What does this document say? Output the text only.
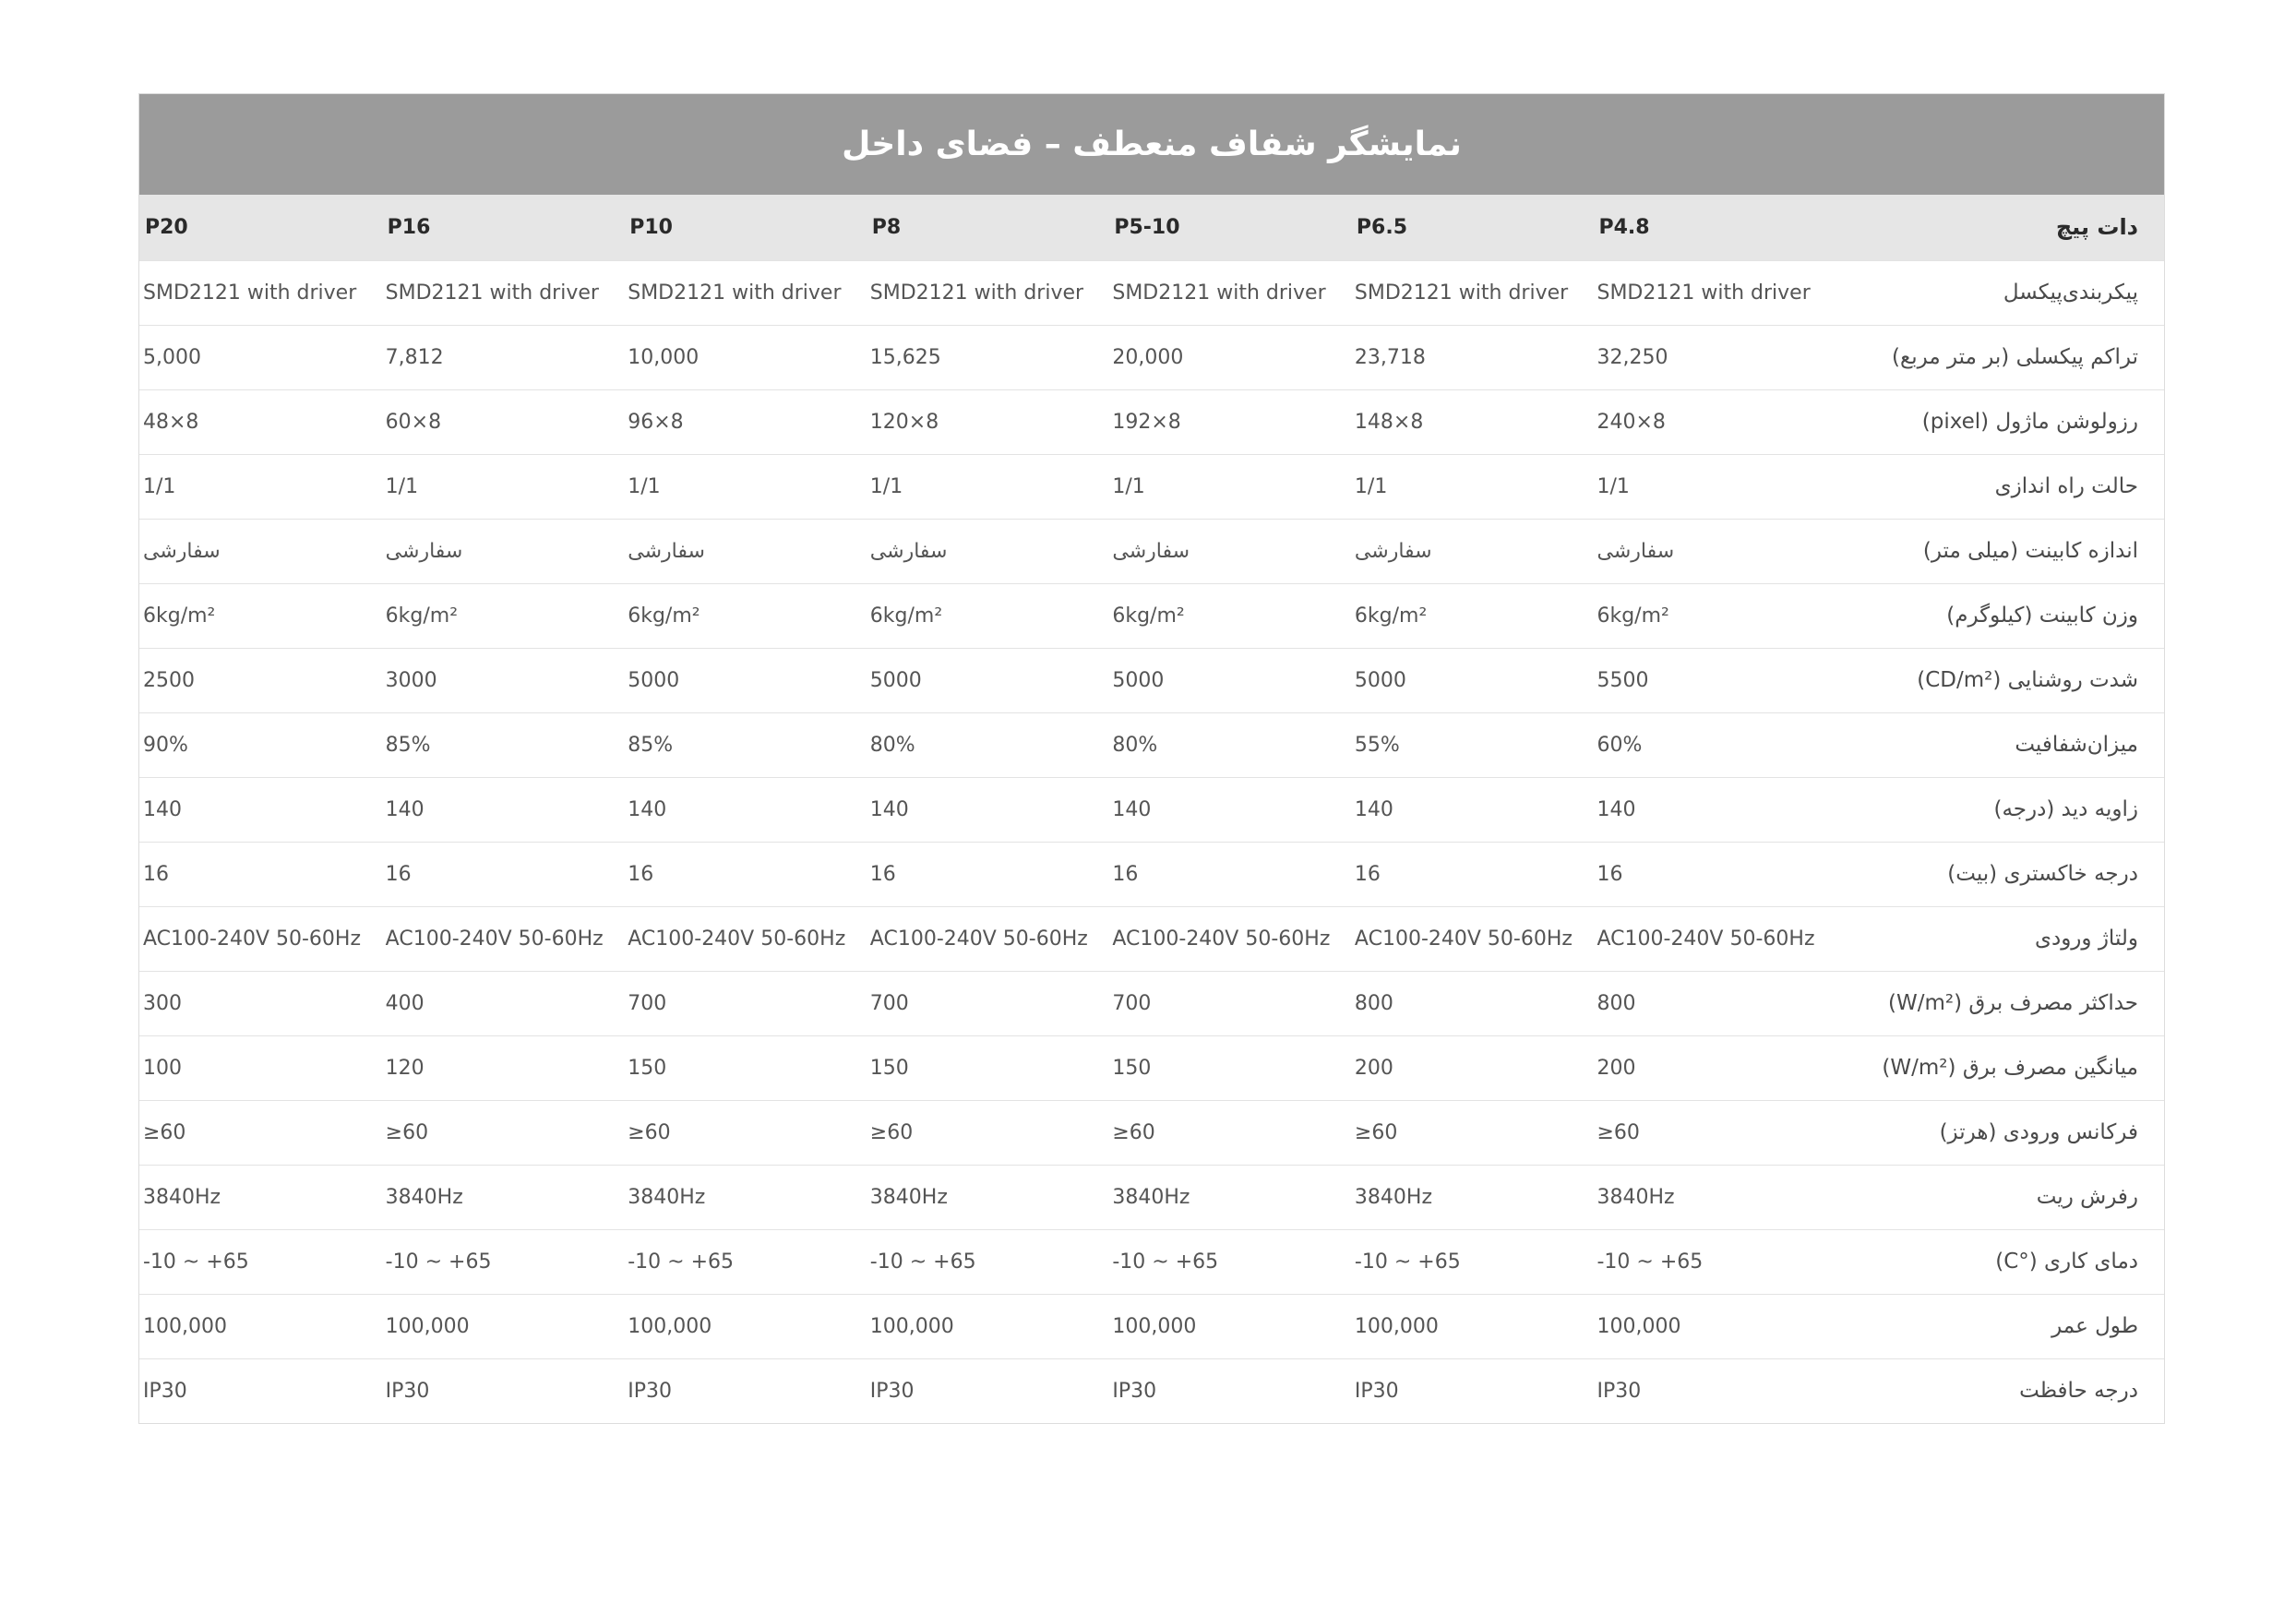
نمایشگر شفاف منعطف – فضای داخل
دات پیچ	P4.8	P6.5	P5-10	P8	P10	P16	P20
پیکربندی‌پیکسل	SMD2121 with driver	SMD2121 with driver	SMD2121 with driver	SMD2121 with driver	SMD2121 with driver	SMD2121 with driver	SMD2121 with driver
تراکم پیکسلی (بر متر مربع)	32,250	23,718	20,000	15,625	10,000	7,812	5,000
رزولوشن ماژول (pixel)	240×8	148×8	192×8	120×8	96×8	60×8	48×8
حالت راه اندازی	1/1	1/1	1/1	1/1	1/1	1/1	1/1
اندازه کابینت (میلی متر)	سفارشی	سفارشی	سفارشی	سفارشی	سفارشی	سفارشی	سفارشی
وزن کابینت (کیلوگرم)	6kg/m²	6kg/m²	6kg/m²	6kg/m²	6kg/m²	6kg/m²	6kg/m²
شدت روشنایی (CD/m²)	5500	5000	5000	5000	5000	3000	2500
میزان‌شفافیت	60%	55%	80%	80%	85%	85%	90%
زاویه دید (درجه)	140	140	140	140	140	140	140
درجه خاکستری (بیت)	16	16	16	16	16	16	16
ولتاژ ورودی	AC100-240V 50-60Hz	AC100-240V 50-60Hz	AC100-240V 50-60Hz	AC100-240V 50-60Hz	AC100-240V 50-60Hz	AC100-240V 50-60Hz	AC100-240V 50-60Hz
حداکثر مصرف برق (W/m²)	800	800	700	700	700	400	300
میانگین مصرف برق (W/m²)	200	200	150	150	150	120	100
فرکانس ورودی (هرتز)	≥60	≥60	≥60	≥60	≥60	≥60	≥60
رفرش ریت	3840Hz	3840Hz	3840Hz	3840Hz	3840Hz	3840Hz	3840Hz
دمای کاری (°C)	-10 ~ +65	-10 ~ +65	-10 ~ +65	-10 ~ +65	-10 ~ +65	-10 ~ +65	-10 ~ +65
طول عمر	100,000	100,000	100,000	100,000	100,000	100,000	100,000
درجه حافظت	IP30	IP30	IP30	IP30	IP30	IP30	IP30
